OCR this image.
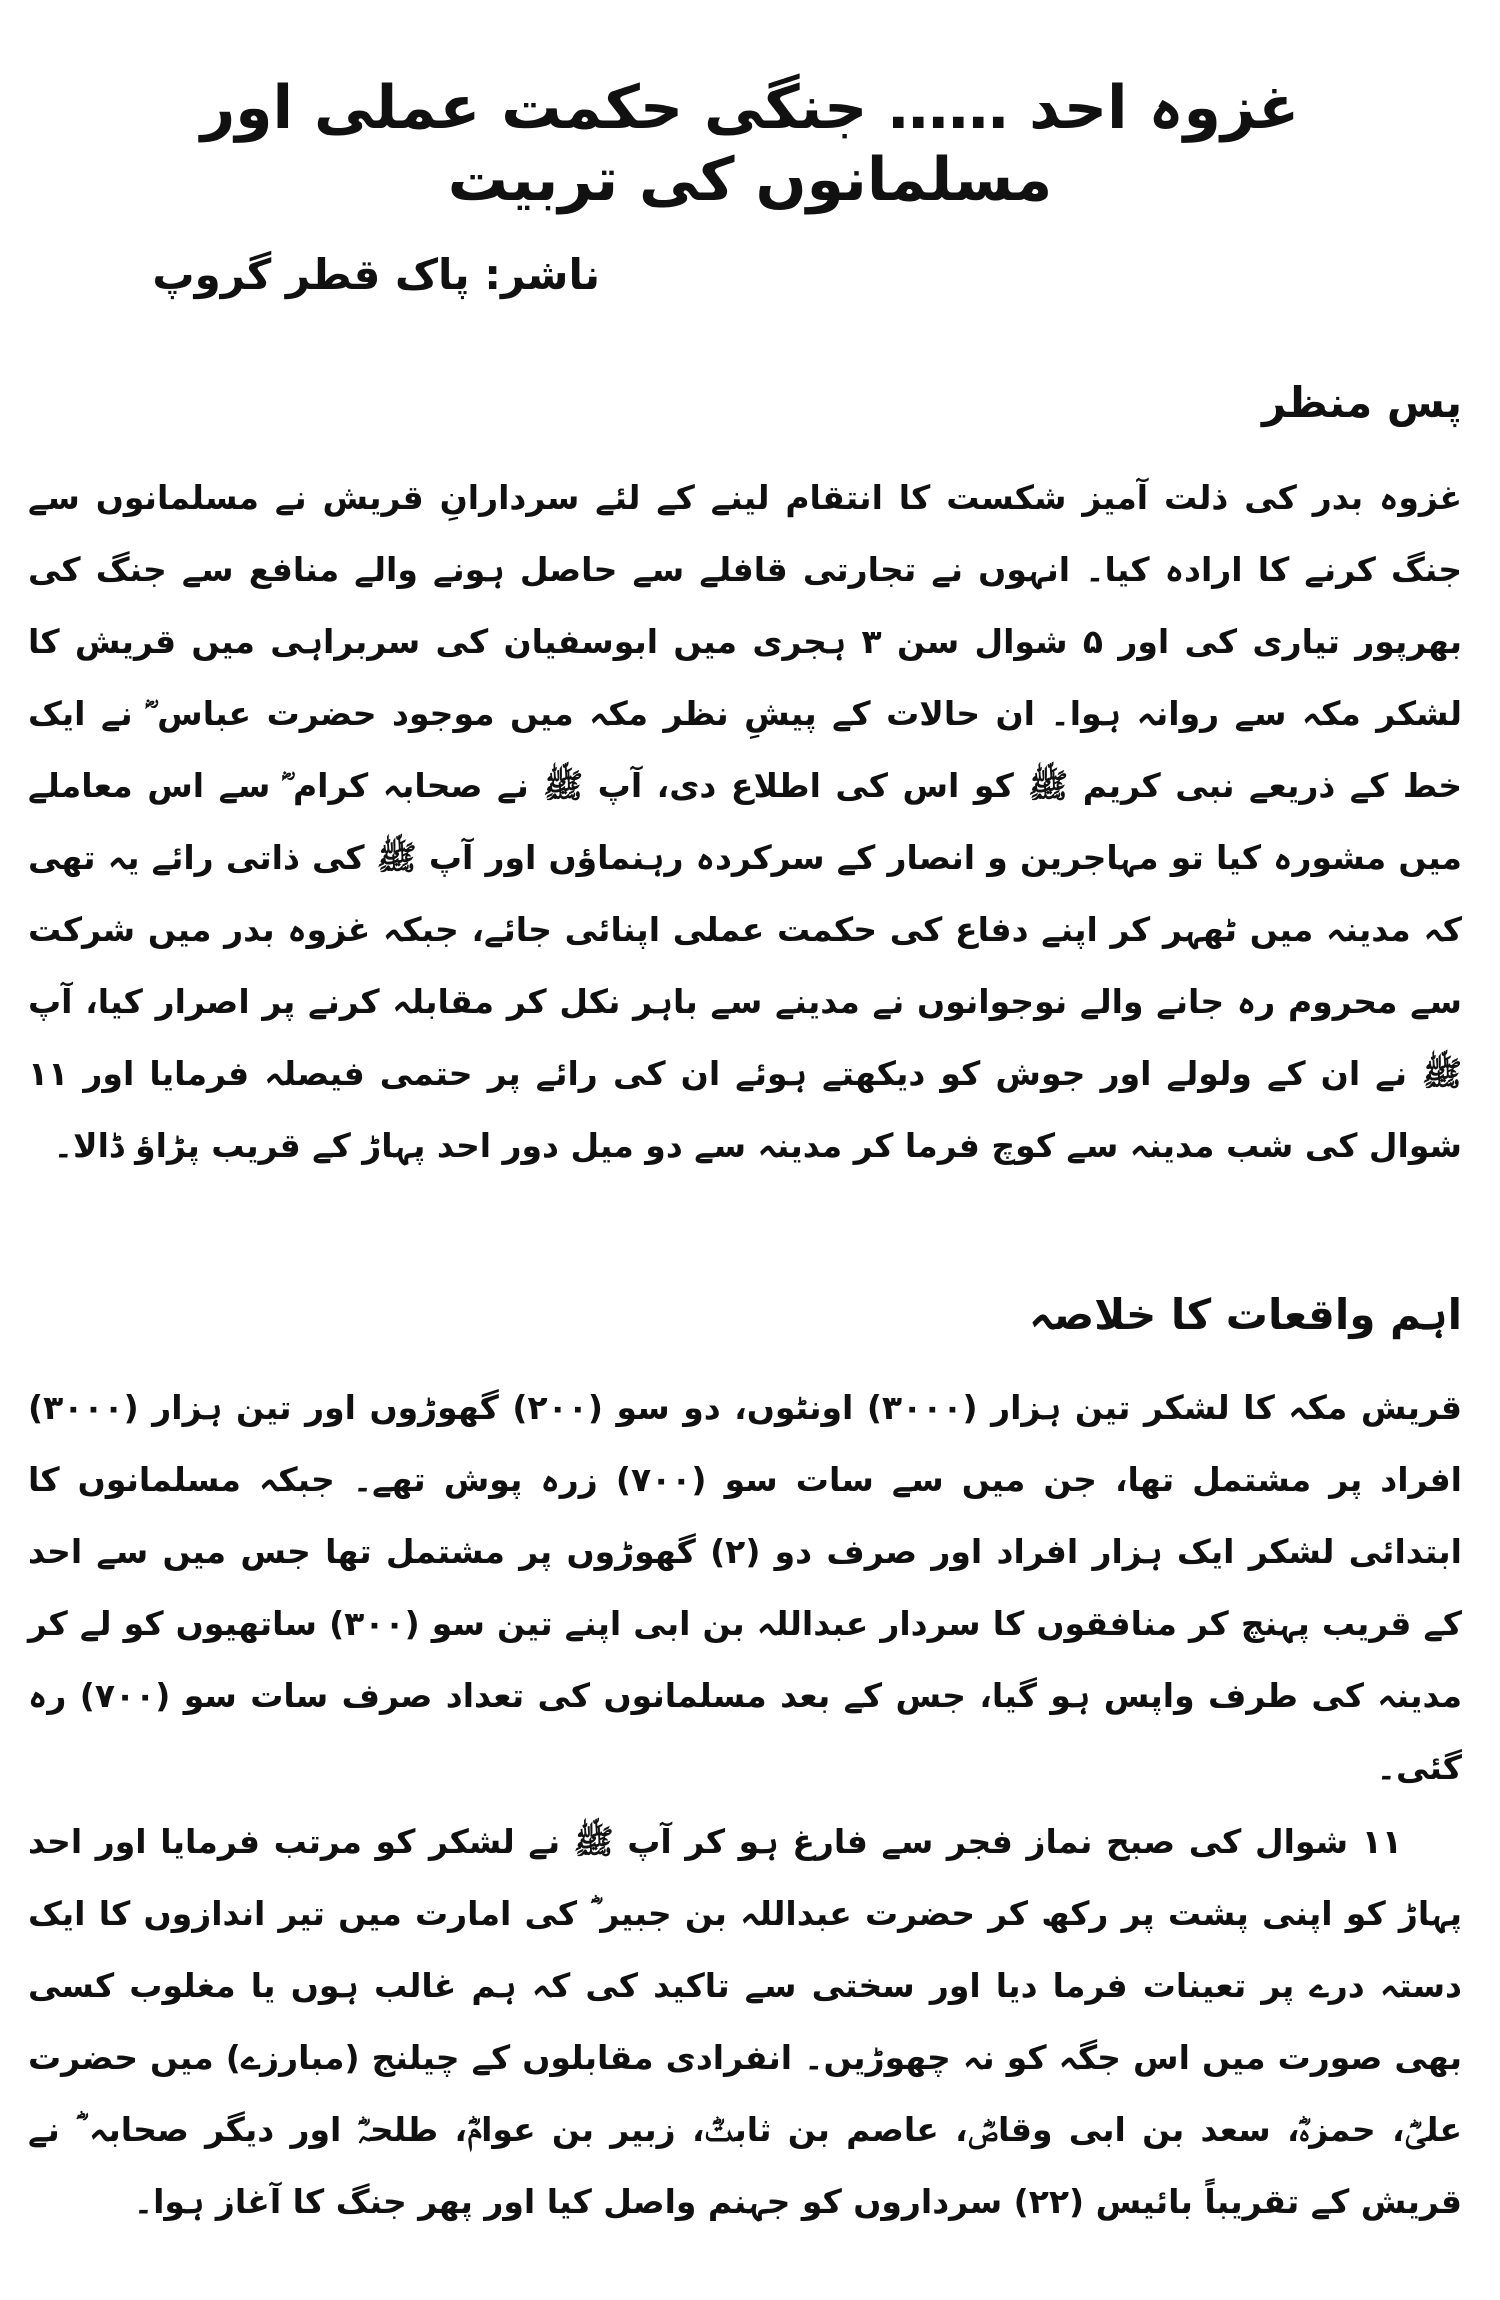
غزوہ احد …… جنگی حکمت عملی اور مسلمانوں کی تربیت
ناشر: پاک قطر گروپ
پس منظر

غزوہ بدر کی ذلت آمیز شکست کا انتقام لینے کے لئے سردارانِ قریش نے مسلمانوں سے جنگ کرنے کا ارادہ کیا۔ انہوں نے تجارتی قافلے سے حاصل ہونے والے منافع سے جنگ کی بھرپور تیاری کی اور ۵ شوال سن ۳ ہجری میں ابوسفیان کی سربراہی میں قریش کا لشکر مکہ سے روانہ ہوا۔ ان حالات کے پیشِ نظر مکہ میں موجود حضرت عباس ؓ نے ایک خط کے ذریعے نبی کریم ﷺ کو اس کی اطلاع دی، آپ ﷺ نے صحابہ کرام ؓ سے اس معاملے میں مشورہ کیا تو مہاجرین و انصار کے سرکردہ رہنماؤں اور آپ ﷺ کی ذاتی رائے یہ تھی کہ مدینہ میں ٹھہر کر اپنے دفاع کی حکمت عملی اپنائی جائے، جبکہ غزوہ بدر میں شرکت سے محروم رہ جانے والے نوجوانوں نے مدینے سے باہر نکل کر مقابلہ کرنے پر اصرار کیا، آپ ﷺ نے ان کے ولولے اور جوش کو دیکھتے ہوئے ان کی رائے پر حتمی فیصلہ فرمایا اور ۱۱ شوال کی شب مدینہ سے کوچ فرما کر مدینہ سے دو میل دور احد پہاڑ کے قریب پڑاؤ ڈالا۔

اہم واقعات کا خلاصہ

قریش مکہ کا لشکر تین ہزار (۳۰۰۰) اونٹوں، دو سو (۲۰۰) گھوڑوں اور تین ہزار (۳۰۰۰) افراد پر مشتمل تھا، جن میں سے سات سو (۷۰۰) زرہ پوش تھے۔ جبکہ مسلمانوں کا ابتدائی لشکر ایک ہزار افراد اور صرف دو (۲) گھوڑوں پر مشتمل تھا جس میں سے احد کے قریب پہنچ کر منافقوں کا سردار عبداللہ بن ابی اپنے تین سو (۳۰۰) ساتھیوں کو لے کر مدینہ کی طرف واپس ہو گیا، جس کے بعد مسلمانوں کی تعداد صرف سات سو (۷۰۰) رہ گئی۔

۱۱ شوال کی صبح نماز فجر سے فارغ ہو کر آپ ﷺ نے لشکر کو مرتب فرمایا اور احد پہاڑ کو اپنی پشت پر رکھ کر حضرت عبداللہ بن جبیر ؓ کی امارت میں تیر اندازوں کا ایک دستہ درے پر تعینات فرما دیا اور سختی سے تاکید کی کہ ہم غالب ہوں یا مغلوب کسی بھی صورت میں اس جگہ کو نہ چھوڑیں۔ انفرادی مقابلوں کے چیلنج (مبارزے) میں حضرت علیؓ، حمزہؓ، سعد بن ابی وقاصؓ، عاصم بن ثابتؓ، زبیر بن عوامؓ، طلحہؓ اور دیگر صحابہ ؓ نے قریش کے تقریباً بائیس (۲۲) سرداروں کو جہنم واصل کیا اور پھر جنگ کا آغاز ہوا۔
